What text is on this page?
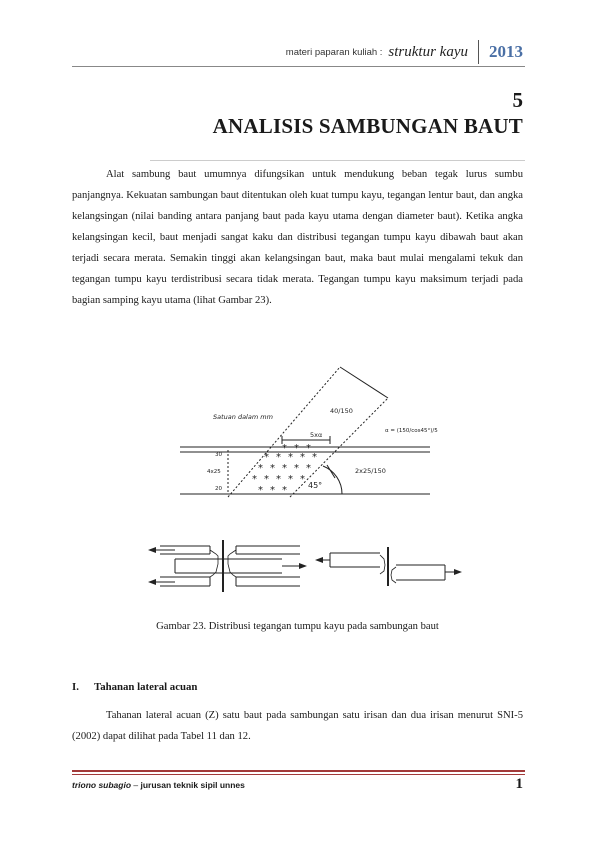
materi paparan kuliah : struktur kayu 2013
5
ANALISIS SAMBUNGAN BAUT

Alat sambung baut umumnya difungsikan untuk mendukung beban tegak lurus sumbu panjangnya. Kekuatan sambungan baut ditentukan oleh kuat tumpu kayu, tegangan lentur baut, dan angka kelangsingan (nilai banding antara panjang baut pada kayu utama dengan diameter baut). Ketika angka kelangsingan kecil, baut menjadi sangat kaku dan distribusi tegangan tumpu kayu dibawah baut akan terjadi secara merata. Semakin tinggi akan kelangsingan baut, maka baut mulai mengalami tekuk dan tegangan tumpu kayu terdistribusi secara tidak merata. Tegangan tumpu kayu maksimum terjadi pada bagian samping kayu utama (lihat Gambar 23).

* * *
* * * * *
* * * * *
* * * * *
* * *
Satuan dalam mm
40/150
5xα	α = (150/cos45°)/5
2x25/150
45°
30
4x25
20
Gambar 23. Distribusi tegangan tumpu kayu pada sambungan baut
I.	Tahanan lateral acuan

Tahanan lateral acuan (Z) satu baut pada sambungan satu irisan dan dua irisan menurut SNI-5 (2002) dapat dilihat pada Tabel 11 dan 12.

triono subagio – jurusan teknik sipil unnes	1
